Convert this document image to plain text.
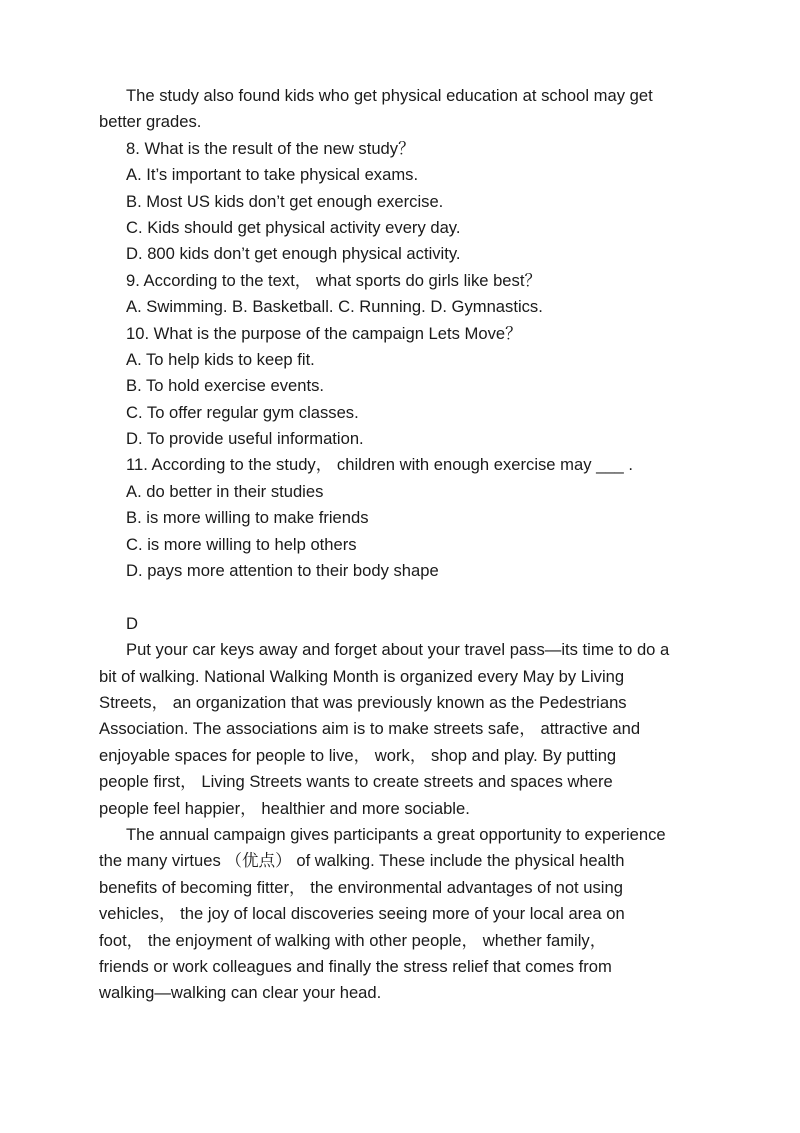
The study also found kids who get physical education at school may get
better grades.
8. What is the result of the new study？
A. It’s important to take physical exams.
B. Most US kids don’t get enough exercise.
C. Kids should get physical activity every day.
D. 800 kids don’t get enough physical activity.
9. According to the text， what sports do girls like best？
A. Swimming. B. Basketball. C. Running. D. Gymnastics.
10. What is the purpose of the campaign Lets Move？
A. To help kids to keep fit.
B. To hold exercise events.
C. To offer regular gym classes.
D. To provide useful information.
11. According to the study， children with enough exercise may ___ .
A. do better in their studies
B. is more willing to make friends
C. is more willing to help others
D. pays more attention to their body shape
D
Put your car keys away and forget about your travel pass—its time to do a
bit of walking. National Walking Month is organized every May by Living
Streets， an organization that was previously known as the Pedestrians
Association. The associations aim is to make streets safe， attractive and
enjoyable spaces for people to live， work， shop and play. By putting
people first， Living Streets wants to create streets and spaces where
people feel happier， healthier and more sociable.
The annual campaign gives participants a great opportunity to experience
the many virtues （优点） of walking. These include the physical health
benefits of becoming fitter， the environmental advantages of not using
vehicles， the joy of local discoveries seeing more of your local area on
foot， the enjoyment of walking with other people， whether family，
friends or work colleagues and finally the stress relief that comes from
walking—walking can clear your head.
